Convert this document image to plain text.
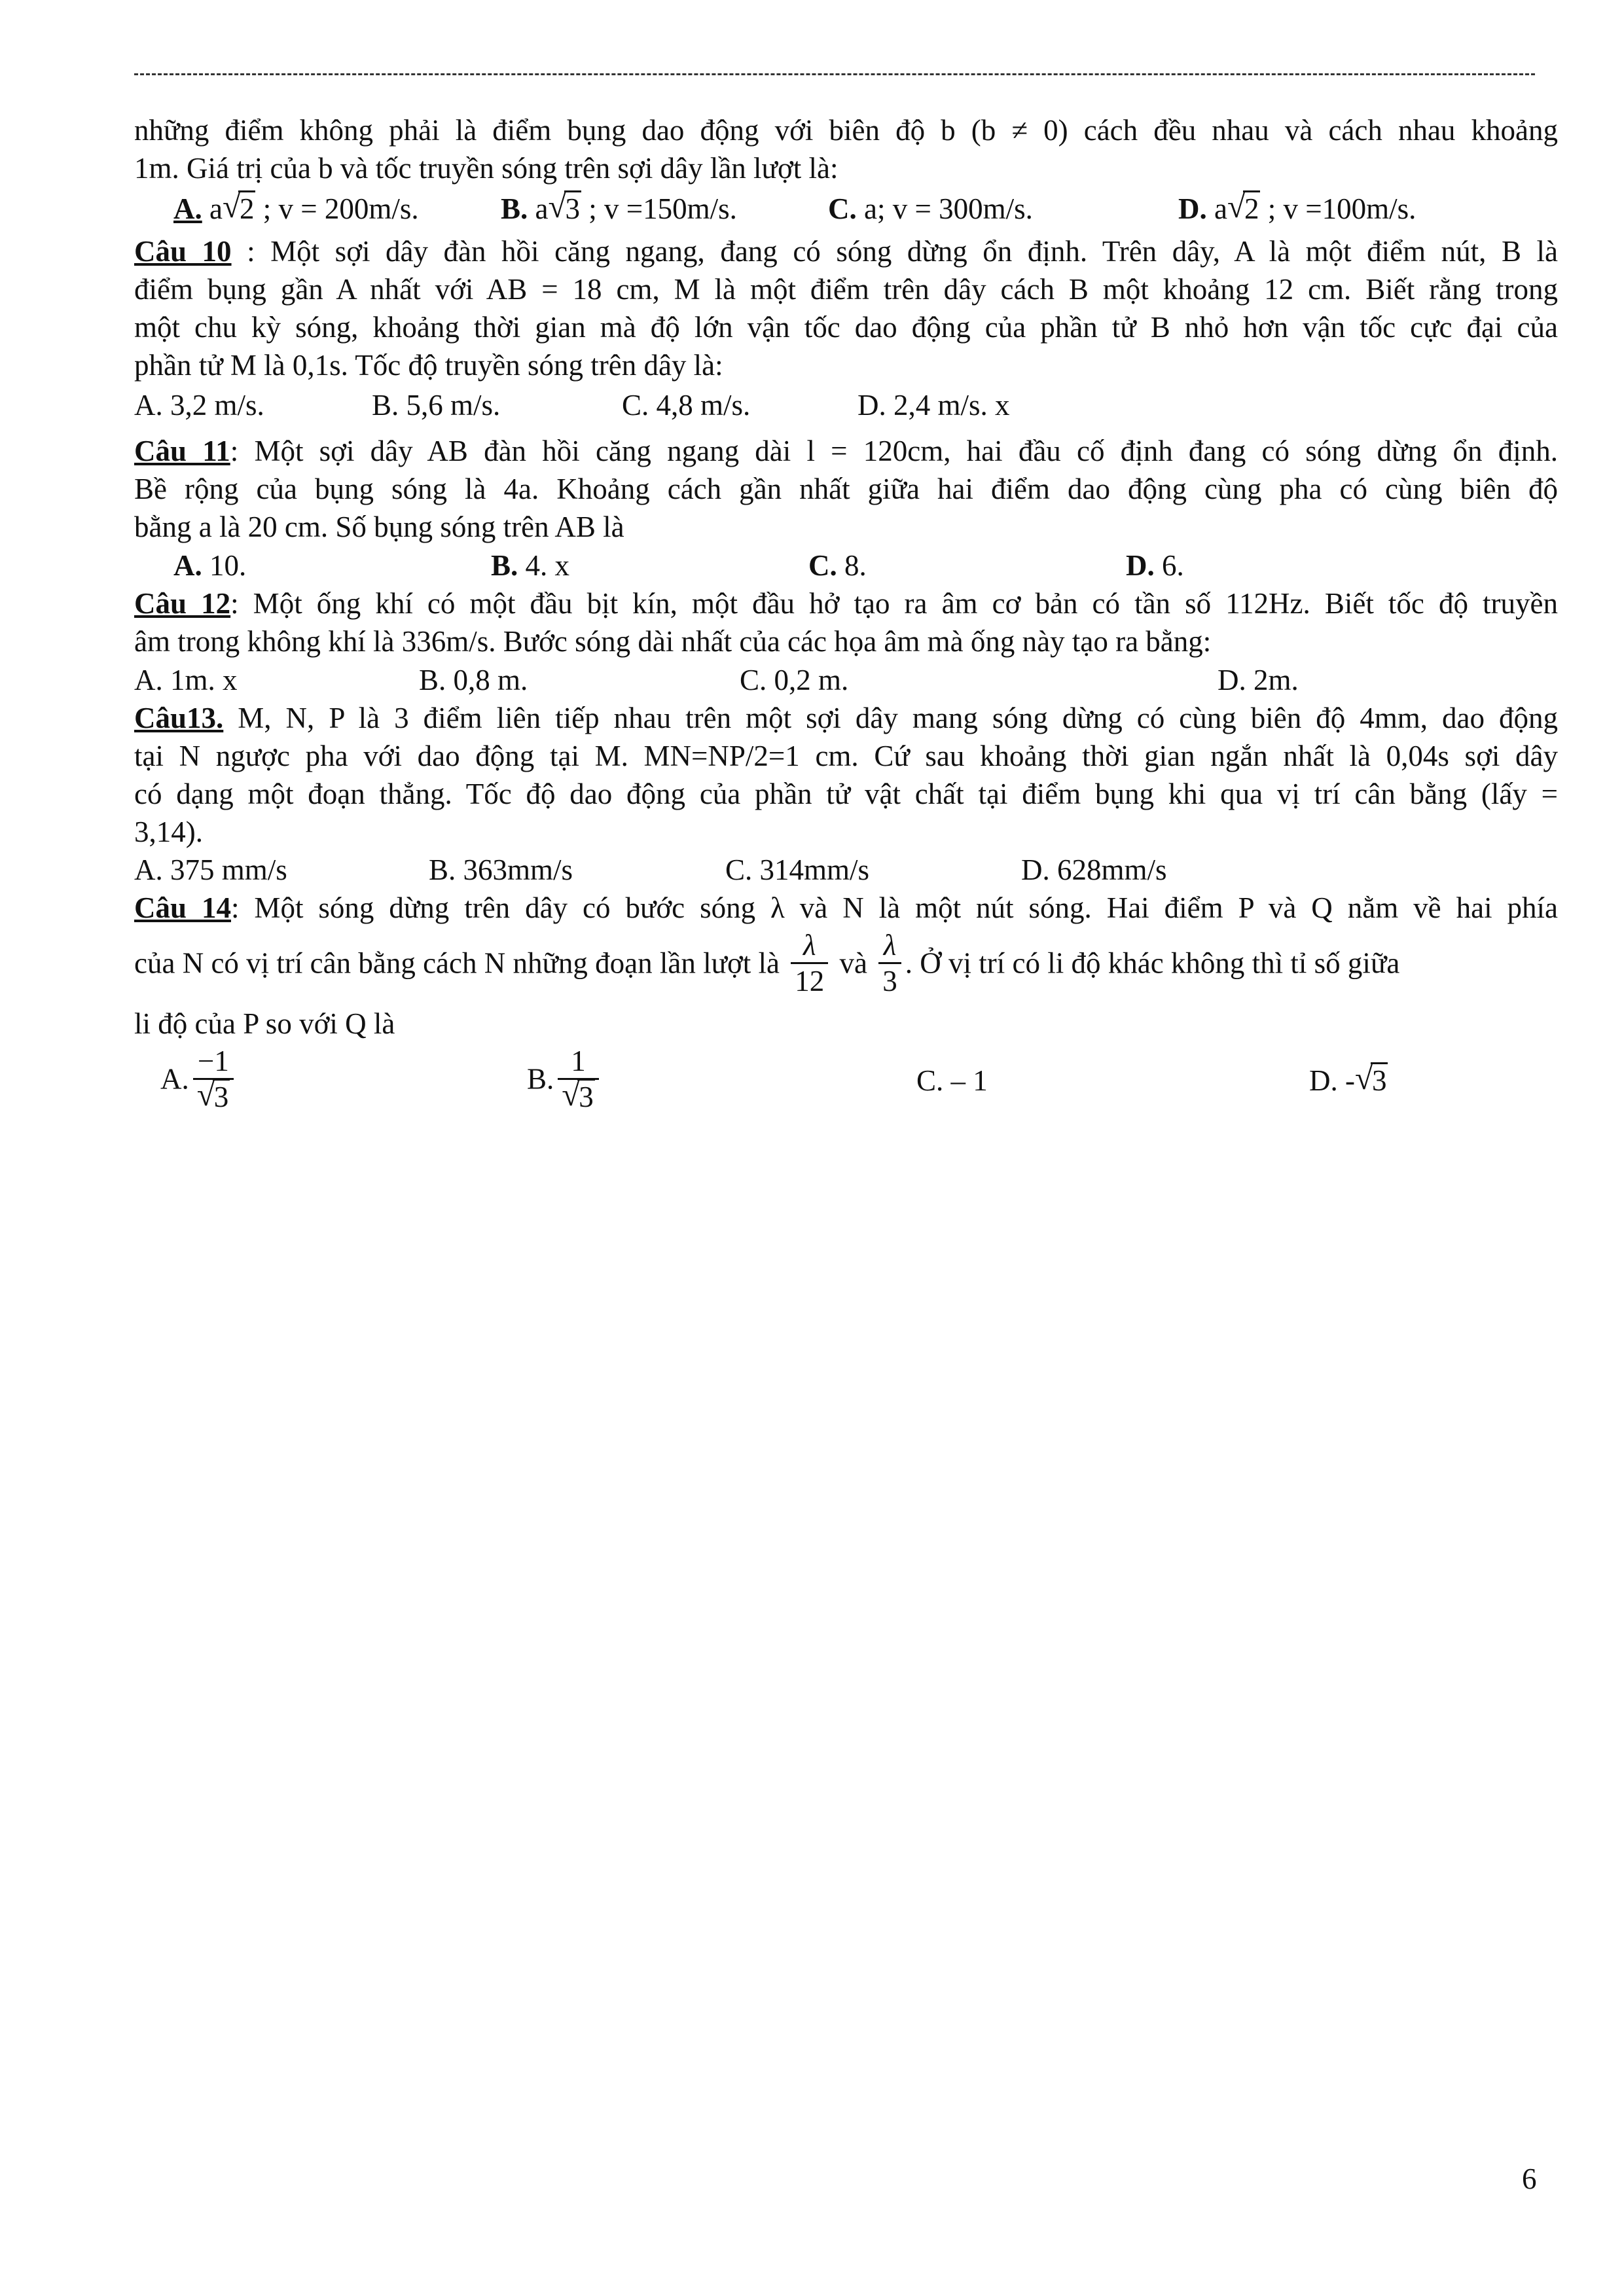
những điểm không phải là điểm bụng dao động với biên độ b (b ≠ 0) cách đều nhau và cách nhau khoảng
1m. Giá trị của b và tốc truyền sóng trên sợi dây lần lượt là:
A. a √
2 ; v = 200m/s.	B. a √
3 ; v =150m/s.	C. a; v = 300m/s.	D. a √
2 ; v =100m/s.
Câu 10 : Một sợi dây đàn hồi căng ngang, đang có sóng dừng ổn định. Trên dây, A là một điểm nút, B là
điểm bụng gần A nhất với AB = 18 cm, M là một điểm trên dây cách B một khoảng 12 cm. Biết rằng trong
một chu kỳ sóng, khoảng thời gian mà độ lớn vận tốc dao động của phần tử B nhỏ hơn vận tốc cực đại của
phần tử M là 0,1s. Tốc độ truyền sóng trên dây là:
A. 3,2 m/s.	B. 5,6 m/s.	C. 4,8 m/s.	D. 2,4 m/s. x
Câu 11: Một sợi dây AB đàn hồi căng ngang dài l = 120cm, hai đầu cố định đang có sóng dừng ổn định.
Bề rộng của bụng sóng là 4a. Khoảng cách gần nhất giữa hai điểm dao động cùng pha có cùng biên độ
bằng a là 20 cm. Số bụng sóng trên AB là
A. 10.	B. 4. x	C. 8.	D. 6.
Câu 12: Một ống khí có một đầu bịt kín, một đầu hở tạo ra âm cơ bản có tần số 112Hz. Biết tốc độ truyền
âm trong không khí là 336m/s. Bước sóng dài nhất của các họa âm mà ống này tạo ra bằng:
A. 1m. x	B. 0,8 m.	C. 0,2 m.	D. 2m.
Câu13. M, N, P là 3 điểm liên tiếp nhau trên một sợi dây mang sóng dừng có cùng biên độ 4mm, dao động
tại N ngược pha với dao động tại M. MN=NP/2=1 cm. Cứ sau khoảng thời gian ngắn nhất là 0,04s sợi dây
có dạng một đoạn thẳng. Tốc độ dao động của phần tử vật chất tại điểm bụng khi qua vị trí cân bằng (lấy =
3,14).
A. 375 mm/s	B. 363mm/s	C. 314mm/s	D. 628mm/s
Câu 14: Một sóng dừng trên dây có bước sóng λ và N là một nút sóng. Hai điểm P và Q nằm về hai phía
của N có vị trí cân bằng cách N những đoạn lần lượt là $\frac{\lambda}{12}$ và $\frac{\lambda}{3}$ . Ở vị trí có li độ khác không thì tỉ số giữa
li độ của P so với Q là
A. −1
√
3	B. 1
√
3	C. – 1	D. - √
3
6
